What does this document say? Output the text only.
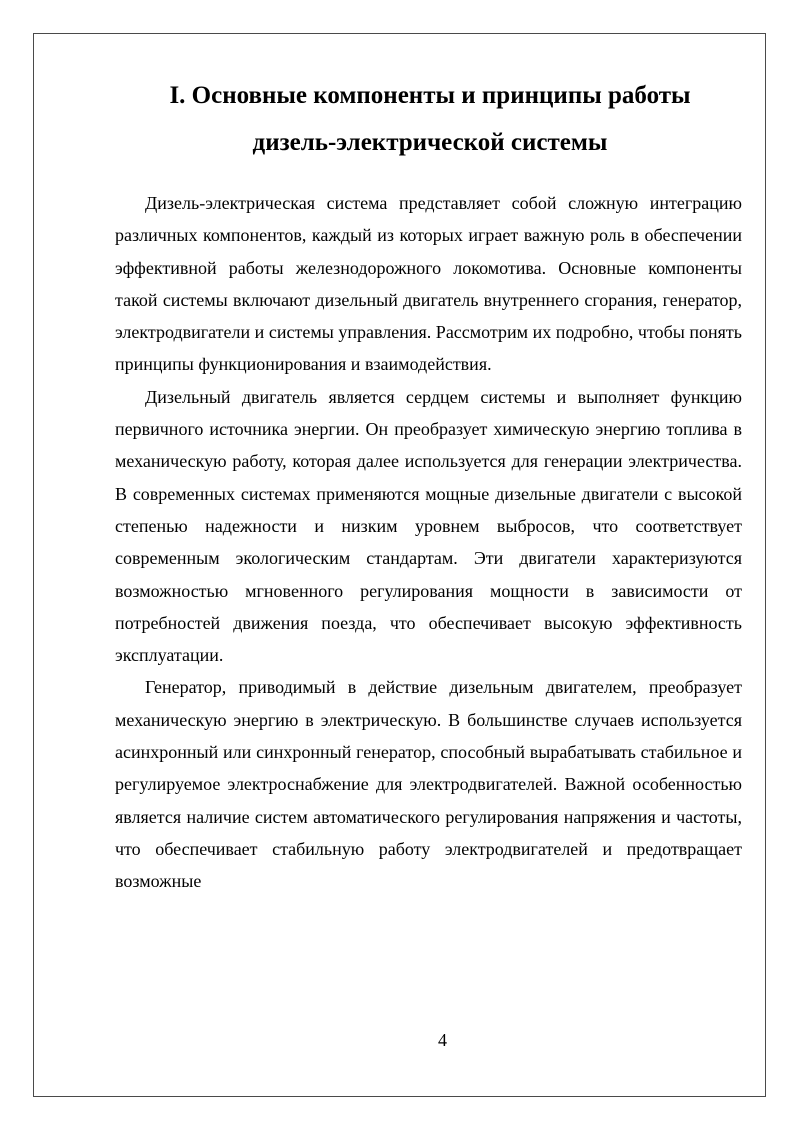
I. Основные компоненты и принципы работы
дизель-электрической системы

Дизель-электрическая система представляет собой сложную интеграцию различных компонентов, каждый из которых играет важную роль в обеспечении эффективной работы железнодорожного локомотива. Основные компоненты такой системы включают дизельный двигатель внутреннего сгорания, генератор, электродвигатели и системы управления. Рассмотрим их подробно, чтобы понять принципы функционирования и взаимодействия.

Дизельный двигатель является сердцем системы и выполняет функцию первичного источника энергии. Он преобразует химическую энергию топлива в механическую работу, которая далее используется для генерации электричества. В современных системах применяются мощные дизельные двигатели с высокой степенью надежности и низким уровнем выбросов, что соответствует современным экологическим стандартам. Эти двигатели характеризуются возможностью мгновенного регулирования мощности в зависимости от потребностей движения поезда, что обеспечивает высокую эффективность эксплуатации.

Генератор, приводимый в действие дизельным двигателем, преобразует механическую энергию в электрическую. В большинстве случаев используется асинхронный или синхронный генератор, способный вырабатывать стабильное и регулируемое электроснабжение для электродвигателей. Важной особенностью является наличие систем автоматического регулирования напряжения и частоты, что обеспечивает стабильную работу электродвигателей и предотвращает возможные

4
